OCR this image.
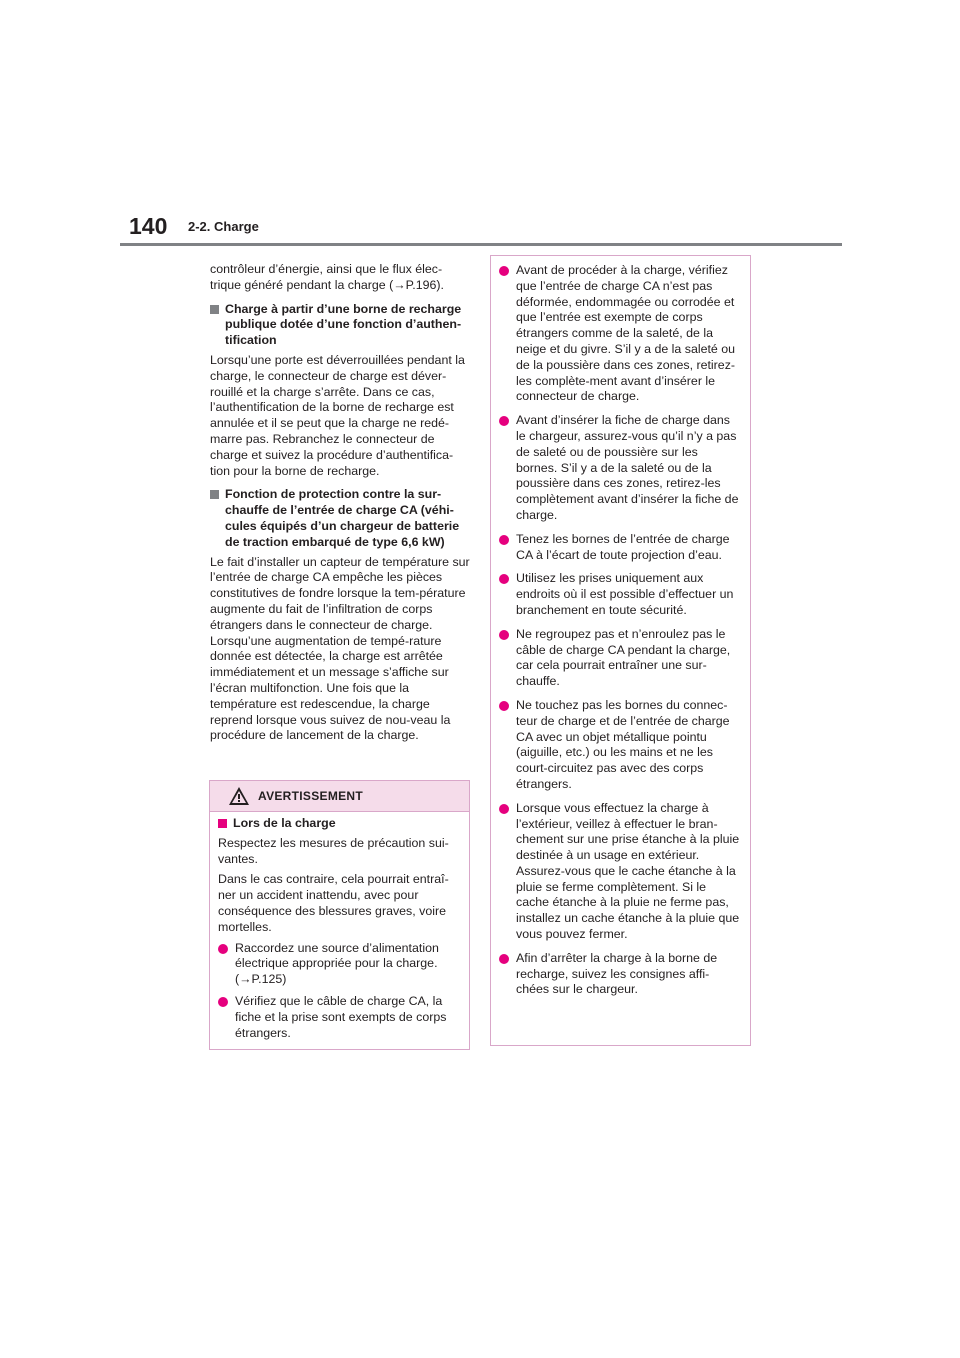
140 2-2. Charge

contrôleur d’énergie, ainsi que le flux élec-trique généré pendant la charge (→P.196).

Charge à partir d’une borne de recharge publique dotée d’une fonction d’authen-tification

Lorsqu’une porte est déverrouillées pendant la charge, le connecteur de charge est déver-rouillé et la charge s’arrête. Dans ce cas, l’authentification de la borne de recharge est annulée et il se peut que la charge ne redé-marre pas. Rebranchez le connecteur de charge et suivez la procédure d’authentifica-tion pour la borne de recharge.

Fonction de protection contre la sur-chauffe de l’entrée de charge CA (véhi-cules équipés d’un chargeur de batterie de traction embarqué de type 6,6 kW)

Le fait d’installer un capteur de température sur l’entrée de charge CA empêche les pièces constitutives de fondre lorsque la tem-pérature augmente du fait de l’infiltration de corps étrangers dans le connecteur de charge. Lorsqu’une augmentation de tempé-rature donnée est détectée, la charge est arrêtée immédiatement et un message s’affiche sur l’écran multifonction. Une fois que la température est redescendue, la charge reprend lorsque vous suivez de nou-veau la procédure de lancement de la charge.

AVERTISSEMENT
Lors de la charge

Respectez les mesures de précaution sui-vantes.

Dans le cas contraire, cela pourrait entraî-ner un accident inattendu, avec pour conséquence des blessures graves, voire mortelles.

Raccordez une source d’alimentation électrique appropriée pour la charge. (→P.125)
Vérifiez que le câble de charge CA, la fiche et la prise sont exempts de corps étrangers.
Avant de procéder à la charge, vérifiez que l’entrée de charge CA n’est pas déformée, endommagée ou corrodée et que l’entrée est exempte de corps étrangers comme de la saleté, de la neige et du givre. S’il y a de la saleté ou de la poussière dans ces zones, retirez-les complète-ment avant d’insérer le connecteur de charge.
Avant d’insérer la fiche de charge dans le chargeur, assurez-vous qu’il n’y a pas de saleté ou de poussière sur les bornes. S’il y a de la saleté ou de la poussière dans ces zones, retirez-les complètement avant d’insérer la fiche de charge.
Tenez les bornes de l’entrée de charge CA à l’écart de toute projection d’eau.
Utilisez les prises uniquement aux endroits où il est possible d’effectuer un branchement en toute sécurité.
Ne regroupez pas et n’enroulez pas le câble de charge CA pendant la charge, car cela pourrait entraîner une sur-chauffe.
Ne touchez pas les bornes du connec-teur de charge et de l’entrée de charge CA avec un objet métallique pointu (aiguille, etc.) ou les mains et ne les court-circuitez pas avec des corps étrangers.
Lorsque vous effectuez la charge à l’extérieur, veillez à effectuer le bran-chement sur une prise étanche à la pluie destinée à un usage en extérieur. Assurez-vous que le cache étanche à la pluie se ferme complètement. Si le cache étanche à la pluie ne ferme pas, installez un cache étanche à la pluie que vous pouvez fermer.
Afin d’arrêter la charge à la borne de recharge, suivez les consignes affi-chées sur le chargeur.
